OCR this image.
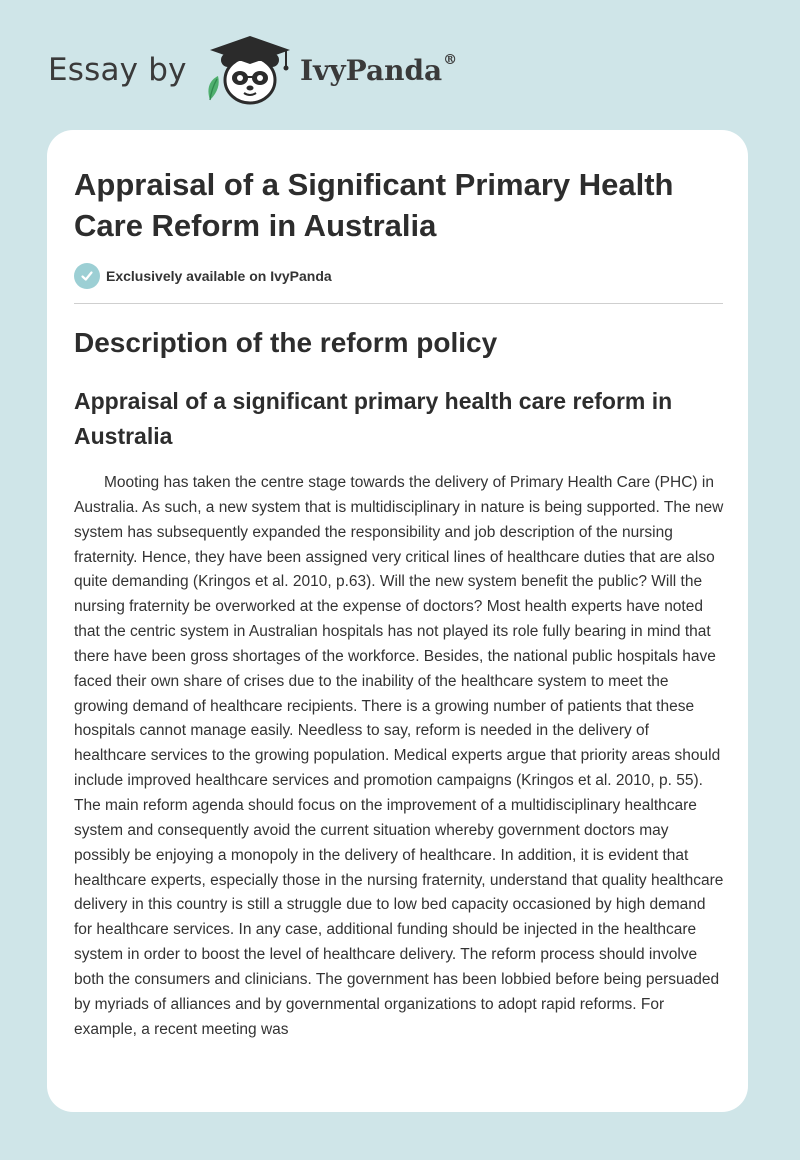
Essay by	IvyPanda®
Appraisal of a Significant Primary Health Care Reform in Australia
Exclusively available on IvyPanda
Description of the reform policy
Appraisal of a significant primary health care reform in Australia

Mooting has taken the centre stage towards the delivery of Primary Health Care (PHC) in Australia. As such, a new system that is multidisciplinary in nature is being supported. The new system has subsequently expanded the responsibility and job description of the nursing fraternity. Hence, they have been assigned very critical lines of healthcare duties that are also quite demanding (Kringos et al. 2010, p.63). Will the new system benefit the public? Will the nursing fraternity be overworked at the expense of doctors? Most health experts have noted that the centric system in Australian hospitals has not played its role fully bearing in mind that there have been gross shortages of the workforce. Besides, the national public hospitals have faced their own share of crises due to the inability of the healthcare system to meet the growing demand of healthcare recipients. There is a growing number of patients that these hospitals cannot manage easily. Needless to say, reform is needed in the delivery of healthcare services to the growing population. Medical experts argue that priority areas should include improved healthcare services and promotion campaigns (Kringos et al. 2010, p. 55). The main reform agenda should focus on the improvement of a multidisciplinary healthcare system and consequently avoid the current situation whereby government doctors may possibly be enjoying a monopoly in the delivery of healthcare. In addition, it is evident that healthcare experts, especially those in the nursing fraternity, understand that quality healthcare delivery in this country is still a struggle due to low bed capacity occasioned by high demand for healthcare services. In any case, additional funding should be injected in the healthcare system in order to boost the level of healthcare delivery. The reform process should involve both the consumers and clinicians. The government has been lobbied before being persuaded by myriads of alliances and by governmental organizations to adopt rapid reforms. For example, a recent meeting was
